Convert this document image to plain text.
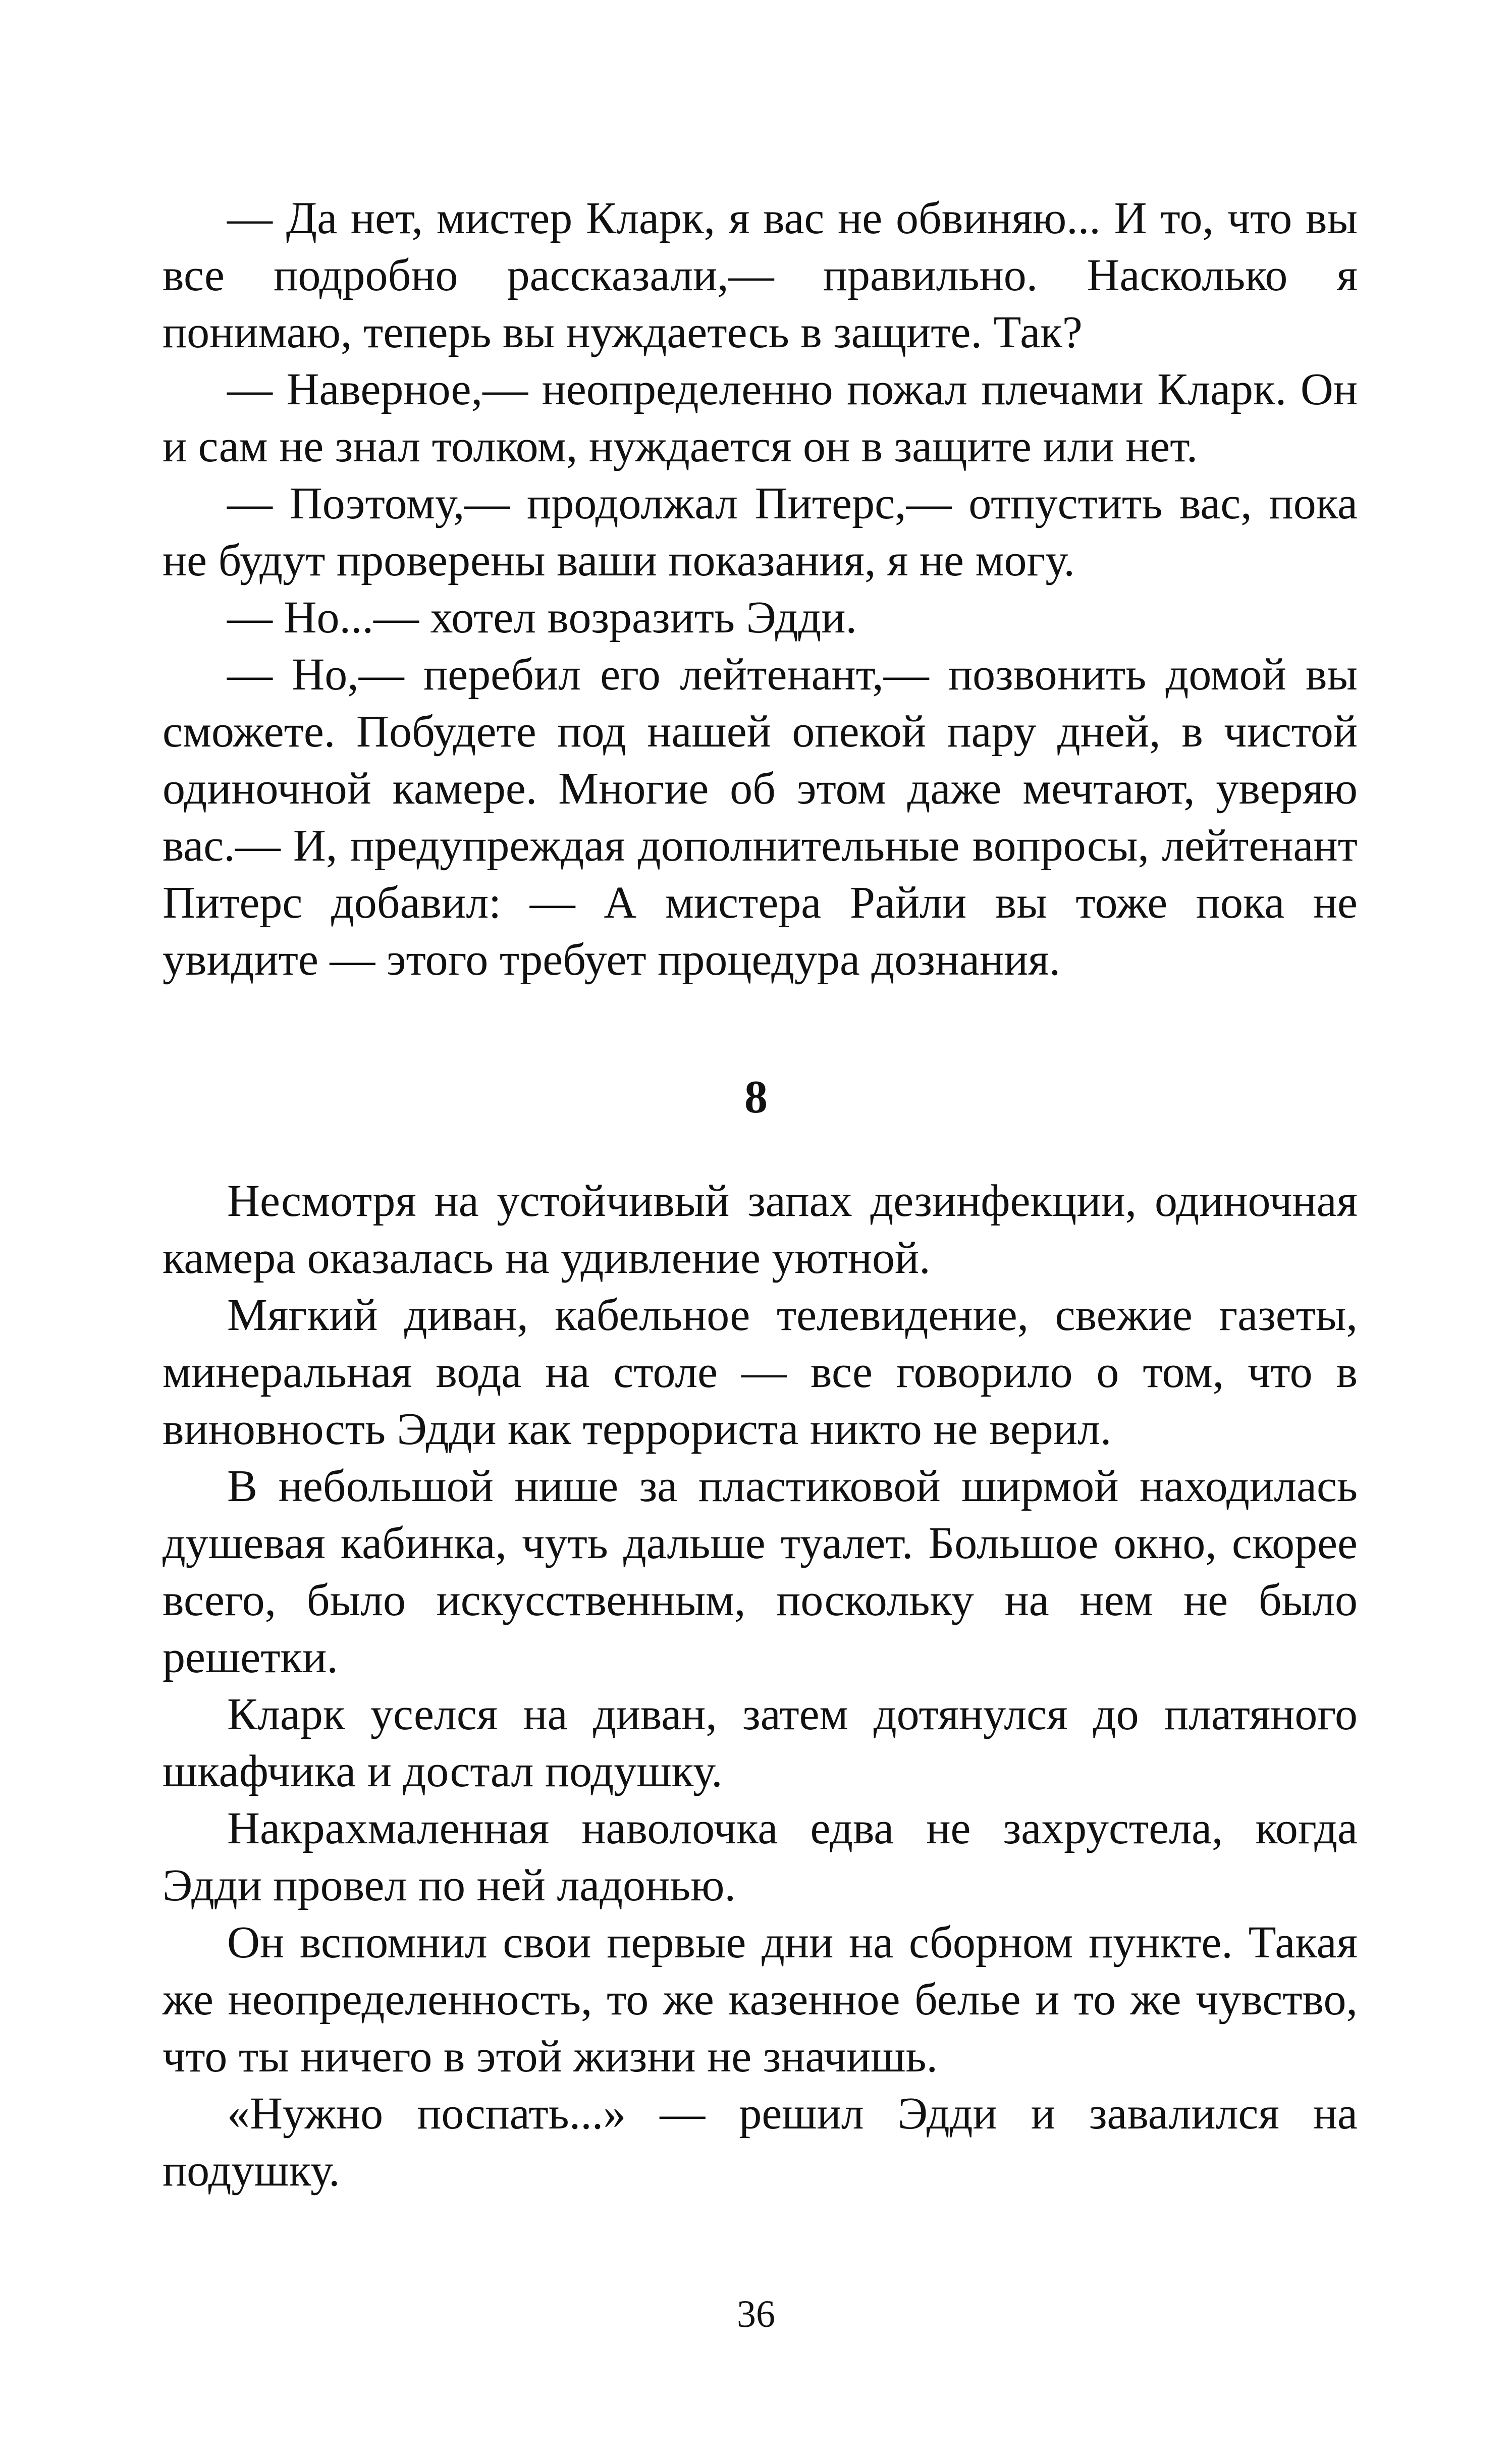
— Да нет, мистер Кларк, я вас не обвиняю... И то, что вы все подробно рассказали,— правильно. Насколько я понимаю, теперь вы нуждаетесь в защите. Так?

— Наверное,— неопределенно пожал плечами Кларк. Он и сам не знал толком, нуждается он в защите или нет.

— Поэтому,— продолжал Питерс,— отпустить вас, пока не будут проверены ваши показания, я не могу.

— Но...— хотел возразить Эдди.

— Но,— перебил его лейтенант,— позвонить домой вы сможете. Побудете под нашей опекой пару дней, в чистой одиночной камере. Многие об этом даже мечтают, уверяю вас.— И, предупреждая дополнительные вопросы, лейтенант Питерс добавил: — А мистера Райли вы тоже пока не увидите — этого требует процедура дознания.

8

Несмотря на устойчивый запах дезинфекции, одиночная камера оказалась на удивление уютной.

Мягкий диван, кабельное телевидение, свежие газеты, минеральная вода на столе — все говорило о том, что в виновность Эдди как террориста никто не верил.

В небольшой нише за пластиковой ширмой находилась душевая кабинка, чуть дальше туалет. Большое окно, скорее всего, было искусственным, поскольку на нем не было решетки.

Кларк уселся на диван, затем дотянулся до платяного шкафчика и достал подушку.

Накрахмаленная наволочка едва не захрустела, когда Эдди провел по ней ладонью.

Он вспомнил свои первые дни на сборном пункте. Такая же неопределенность, то же казенное белье и то же чувство, что ты ничего в этой жизни не значишь.

«Нужно поспать...» — решил Эдди и завалился на подушку.

36
